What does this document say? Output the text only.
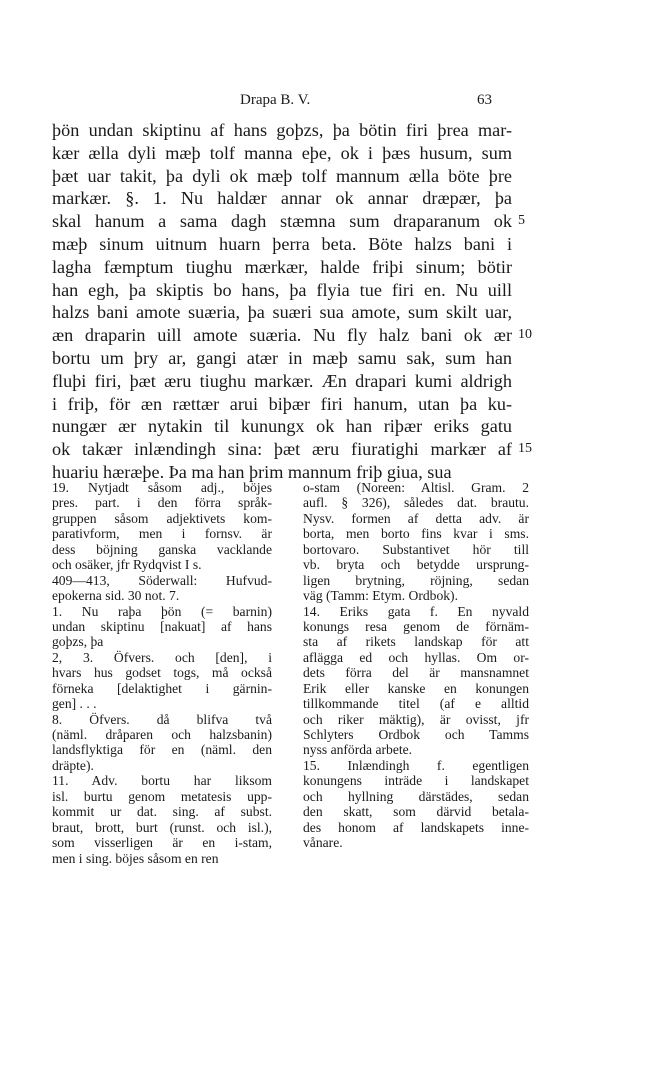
Drapa B. V.	63
þön undan skiptinu af hans goþzs, þa bötin firi þrea mar-
kær ælla dyli mæþ tolf manna eþe, ok i þæs husum, sum
þæt uar takit, þa dyli ok mæþ tolf mannum ælla böte þre
markær. §. 1. Nu haldær annar ok annar dræpær, þa
skal hanum a sama dagh stæmna sum draparanum ok 5
mæþ sinum uitnum huarn þerra beta. Böte halzs bani i
lagha fæmptum tiughu mærkær, halde friþi sinum; bötir
han egh, þa skiptis bo hans, þa flyia tue firi en. Nu uill
halzs bani amote suæria, þa suæri sua amote, sum skilt uar,
æn draparin uill amote suæria. Nu fly halz bani ok ær 10
bortu um þry ar, gangi atær in mæþ samu sak, sum han
fluþi firi, þæt æru tiughu markær. Æn drapari kumi aldrigh
i friþ, för æn rættær arui biþær firi hanum, utan þa ku-
nungær ær nytakin til kunungx ok han riþær eriks gatu
ok takær inlændingh sina: þæt æru fiuratighi markær af 15
huariu hæræþe. Þa ma han þrim mannum friþ giua, sua
19. Nytjadt såsom adj., böjes
pres. part. i den förra språk-
gruppen såsom adjektivets kom-
parativform, men i fornsv. är
dess böjning ganska vacklande
och osäker, jfr Rydqvist I s.
409—413, Söderwall: Hufvud-
epokerna sid. 30 not. 7.
1. Nu raþa þön (= barnin)
undan skiptinu [nakuat] af hans
goþzs, þa
2, 3. Öfvers. och [den], i
hvars hus godset togs, må också
förneka [delaktighet i gärnin-
gen] . . .
8. Öfvers. då blifva två
(näml. dråparen och halzsbanin)
landsflyktiga för en (näml. den
dräpte).
11. Adv. bortu har liksom
isl. burtu genom metatesis upp-
kommit ur dat. sing. af subst.
braut, brott, burt (runst. och isl.),
som visserligen är en i-stam,
men i sing. böjes såsom en ren
o-stam (Noreen: Altisl. Gram. 2
aufl. § 326), således dat. brautu.
Nysv. formen af detta adv. är
borta, men borto fins kvar i sms.
bortovaro. Substantivet hör till
vb. bryta och betydde ursprung-
ligen brytning, röjning, sedan
väg (Tamm: Etym. Ordbok).
14. Eriks gata f. En nyvald
konungs resa genom de förnäm-
sta af rikets landskap för att
aflägga ed och hyllas. Om or-
dets förra del är mansnamnet
Erik eller kanske en konungen
tillkommande titel (af e alltid
och riker mäktig), är ovisst, jfr
Schlyters Ordbok och Tamms
nyss anförda arbete.
15. Inlændingh f. egentligen
konungens inträde i landskapet
och hyllning därstädes, sedan
den skatt, som därvid betala-
des honom af landskapets inne-
vånare.
